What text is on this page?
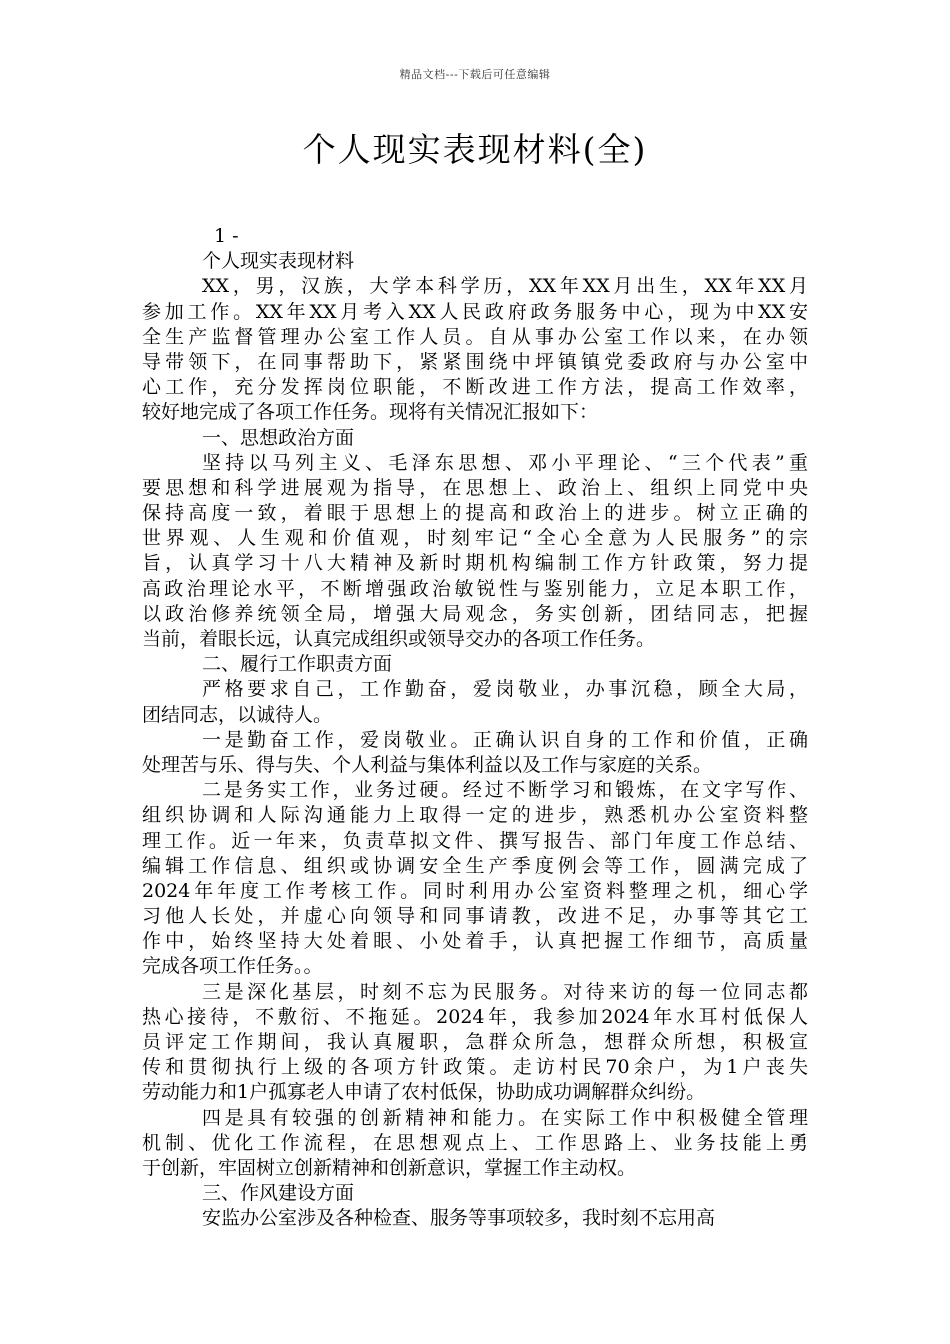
精品文档---下载后可任意编辑
个人现实表现材料(全)
1 -
个人现实表现材料
XX，男，汉族，大学本科学历，XX年XX月出生，XX年XX月
参加工作。XX年XX月考入XX人民政府政务服务中心，现为中XX安
全生产监督管理办公室工作人员。自从事办公室工作以来，在办领
导带领下，在同事帮助下，紧紧围绕中坪镇镇党委政府与办公室中
心工作，充分发挥岗位职能，不断改进工作方法，提高工作效率，
较好地完成了各项工作任务。现将有关情况汇报如下：
一、思想政治方面
坚持以马列主义、毛泽东思想、邓小平理论、“三个代表”重
要思想和科学进展观为指导，在思想上、政治上、组织上同党中央
保持高度一致，着眼于思想上的提高和政治上的进步。树立正确的
世界观、人生观和价值观，时刻牢记“全心全意为人民服务”的宗
旨，认真学习十八大精神及新时期机构编制工作方针政策，努力提
高政治理论水平，不断增强政治敏锐性与鉴别能力，立足本职工作，
以政治修养统领全局，增强大局观念，务实创新，团结同志，把握
当前，着眼长远，认真完成组织或领导交办的各项工作任务。
二、履行工作职责方面
严格要求自己，工作勤奋，爱岗敬业，办事沉稳，顾全大局，
团结同志，以诚待人。
一是勤奋工作，爱岗敬业。正确认识自身的工作和价值，正确
处理苦与乐、得与失、个人利益与集体利益以及工作与家庭的关系。
二是务实工作，业务过硬。经过不断学习和锻炼，在文字写作、
组织协调和人际沟通能力上取得一定的进步，熟悉机办公室资料整
理工作。近一年来，负责草拟文件、撰写报告、部门年度工作总结、
编辑工作信息、组织或协调安全生产季度例会等工作，圆满完成了
2024年年度工作考核工作。同时利用办公室资料整理之机，细心学
习他人长处，并虚心向领导和同事请教，改进不足，办事等其它工
作中，始终坚持大处着眼、小处着手，认真把握工作细节，高质量
完成各项工作任务。。
三是深化基层，时刻不忘为民服务。对待来访的每一位同志都
热心接待，不敷衍、不拖延。2024年，我参加2024年水耳村低保人
员评定工作期间，我认真履职，急群众所急，想群众所想，积极宣
传和贯彻执行上级的各项方针政策。走访村民70余户，为1户丧失
劳动能力和1户孤寡老人申请了农村低保，协助成功调解群众纠纷。
四是具有较强的创新精神和能力。在实际工作中积极健全管理
机制、优化工作流程，在思想观点上、工作思路上、业务技能上勇
于创新，牢固树立创新精神和创新意识，掌握工作主动权。
三、作风建设方面
安监办公室涉及各种检查、服务等事项较多，我时刻不忘用高
